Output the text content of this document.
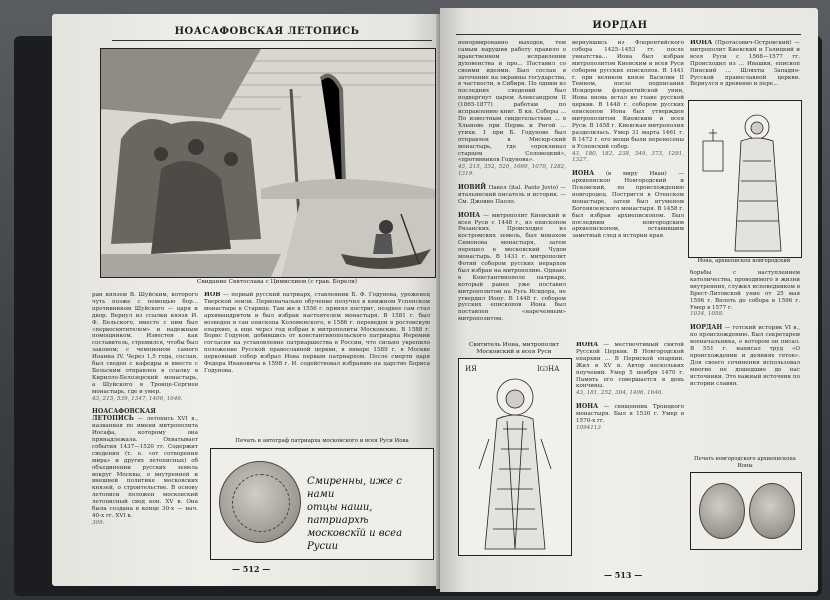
НОАСАФОВСКАЯ ЛЕТОПИСЬ
Свидание Святослава с Цимисхием (с грав. Бореля)
ран князем В. Шуйским, которого чуть позже с помощью бор... противником Шуйского — царя и двор. Вернул из ссылки князя И. Ф. Бельского, вместе с ним был «первосвятителем» и надежным помощником. Известен как составитель, стремился, чтобы был законом; с чемпионом самого Иоанна IV. Через 1,5 года, сослан, был сведен с кафедры и вместе с Бельским отправлен в ссылку в Кирилло-Белозерский монастырь, а Шуйского в Троице-Сергиев монастырь, где и умер.
43, 215, 539, 1347, 1406, 1646.

НОАСАФОВСКАЯ ЛЕТОПИСЬ — летопись XVI в., названная по имени митрополита Иосафа, которому она принадлежала. Охватывает события 1437—1520 гг. Содержит сведения (т. е. «от сотворения мира» и других летописных) об объединении русских земель вокруг Москвы, о внутренней и внешней политике московских князей, о строительстве. В основу летописи положен московский летописный свод кон. XV в. Она была создана в конце 30-х — нач. 40-х гг. XVI в.
309.
ИОВ — первый русский патриарх, ставленник Б. Ф. Годунова, уроженец Тверской земли. Первоначально обучение получил в книжном Успенском монастыре в Старице. Там же в 1556 г. принял постриг, позднее сам стал архимандритом и был избран настоятелем монастыря. В 1581 г. был возведен в сан епископа Коломенского, в 1586 г. переведен в ростовскую епархию, а еще через год избран в митрополиты Московские. В 1588 г. Борис Годунов, добившись от константинопольского патриарха Иеремии согласия на установление патриаршества в России, что сильно укрепило положение Русской православной церкви, в январе 1589 г. в Москве церковный собор избрал Иова первым патриархом. После смерти царя Федора Ивановича в 1598 г. И. содействовал избранию на царство Бориса Годунова.
Печать и автограф патриарха московского и всея Руси Иова
Смиренны, иже с нами
отцы наши, патриархѣ
московскїй и всеа Русии
— 512 —
ИОРДАН
ненормированно выходов, тем самым нарушив работу правило о нравственном исправлении духовенства и про... Поставил со своими идеями. Был сослан в заточение на окраины государства, в частности, в Сибири. По одним из последних сведений был подвергнут царем Александром II (1865-1877) работам по исправлению книг. В кн. Соборы ... По известным свидетельствам ... в Хлынове при Пермь и Ригой ... утихи. 1 при Б. Годунове был отправлен в Мисюр-ский монастырь, где «проклинал старцем Соловецкий», «противников Годунова».
43, 215, 352, 520, 1069, 1070, 1282, 1319.

ИОВИЙ Павел (ital. Paolo Jovio) — итальянский писатель и историк. — См. Джовио Паоло.

ИОНА — митрополит Киевский и всея Руси с 1448 г., из епископов Рязанских. Происходил из костромских земель, был монахом Симонова монастыря, затем перешел в московский Чудов монастырь. В 1431 г. митрополит Фотий собором русских иерархов был избран на митрополию. Однако в Константинополе патриарх, который ранее уже поставил митрополитом на Русь Исидора, не утвердил Иону. В 1448 г. собором русских епископов Иона был поставлен «нареченным» митрополитом.
вернувшись из Флорентийского собора 1425–1453 гг. после униатства... Иона был избран митрополитом Киевским и всея Руси собором русских епископов. В 1441 г. при великом князе Василии II Темном, после подписания Исидором флорентийской унии, Иона вновь встал во главе русской церкви. В 1448 г. собором русских епископов Иона был утвержден митрополитом Киевским и всея Руси. В 1458 г. Киевская митрополия разделилась. Умер 31 марта 1461 г. В 1472 г. его мощи были перенесены в Успенский собор.
43, 180, 182, 238, 349, 373, 1291, 1327.

ИОНА (в миру Иван) — архиепископ Новгородский и Псковский, по происхождению новгородец. Постригся в Отенском монастыре, затем был игуменом Богоявленского монастыря. В 1458 г. был избран архиепископом. Был последним новгородским архиепископом, оставившим заметный след в истории края.
Святитель Иона, митрополит Московский и всея Руси
ИЯ	ІѠНА
ИОНА — местночтимый святой Русской Церкви. В Новгородской епархии ... В Пермской епархии. Жил в XV в. Автор нескольких поучений. Умер 5 ноября 1470 г. Память его совершается в день кончины.
43, 181, 252, 304, 1406, 1646.

ИОНА — священник Троицкого монастыря. Был в 1530 г. Умер в 1570-х гг.
1094113
ИОНА (Протасович-Островский) — митрополит Киевский и Галицкий и всея Руси с 1568—1577 гг. Происходил из ... Ивашки, епископ Пинский ... Шляхты Западно-Русской православной церкви. Вернулся в древнюю и пере...
Иона, архиепископ новгородский
борьбы с наступлением католичества, проводимого в жизни внутренних, служил исповедником в Брест-Литовской уние от 25 мая 1596 г. Вплоть до собора в 1596 г. Умер в 1577 г.
1034, 1058.

ИОРДАН — готский историк VI в., по происхождению. Был секретарем военачальника, о котором он писал. В 551 г. написал труд «О происхождении и деяниях гетов». Для своего сочинения использовал многие не дошедшие до нас источники. Это важный источник по истории славян.
Печать новгородского архиепископа Ионы
— 513 —
